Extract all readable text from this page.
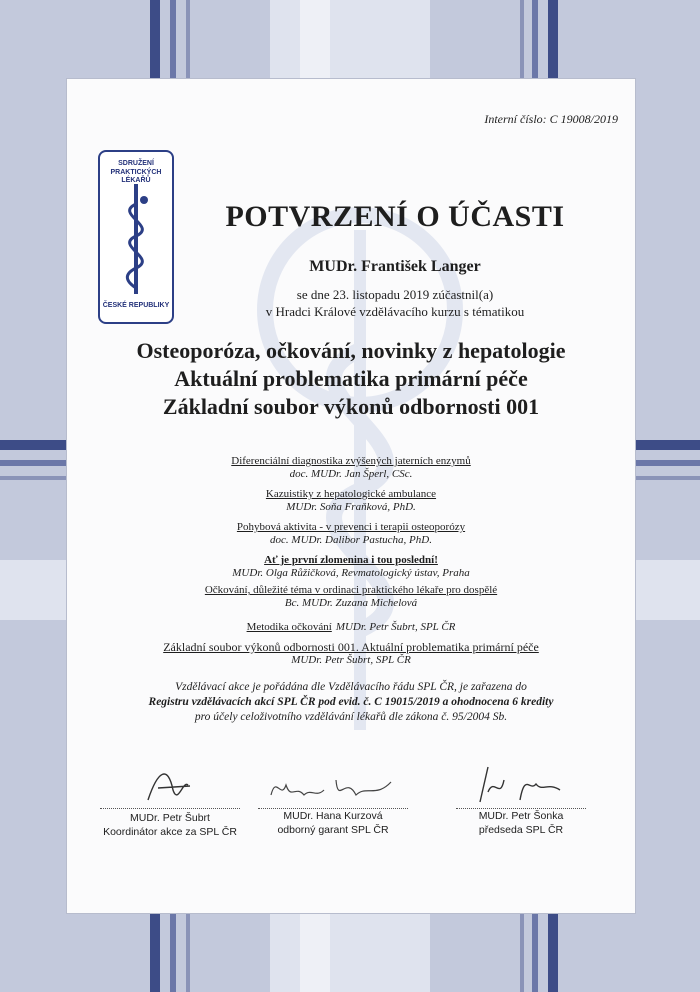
Interní číslo: C 19008/2019
SDRUŽENÍ
PRAKTICKÝCH LÉKAŘŮ
ČESKÉ REPUBLIKY
POTVRZENÍ O ÚČASTI
MUDr. František Langer
se dne 23. listopadu 2019 zúčastnil(a)
v Hradci Králové vzdělávacího kurzu s tématikou
Osteoporóza, očkování, novinky z hepatologie
Aktuální problematika primární péče
Základní soubor výkonů odbornosti 001
Diferenciální diagnostika zvýšených jaterních enzymů
doc. MUDr. Jan Šperl, CSc.
Kazuistiky z hepatologické ambulance
MUDr. Soňa Fraňková, PhD.
Pohybová aktivita - v prevenci i terapii osteoporózy
doc. MUDr. Dalibor Pastucha, PhD.
Ať je první zlomenina i tou poslední!
MUDr. Olga Růžičková, Revmatologický ústav, Praha
Očkování, důležité téma v ordinaci praktického lékaře pro dospělé
Bc. MUDr. Zuzana Michelová
Metodika očkování MUDr. Petr Šubrt, SPL ČR
Základní soubor výkonů odbornosti 001. Aktuální problematika primární péče
MUDr. Petr Šubrt, SPL ČR
Vzdělávací akce je pořádána dle Vzdělávacího řádu SPL ČR, je zařazena do
Registru vzdělávacích akcí SPL ČR pod evid. č. C 19015/2019 a ohodnocena 6 kredity
pro účely celoživotního vzdělávání lékařů dle zákona č. 95/2004 Sb.
MUDr. Petr Šubrt
Koordinátor akce za SPL ČR
MUDr. Hana Kurzová
odborný garant SPL ČR
MUDr. Petr Šonka
předseda SPL ČR
